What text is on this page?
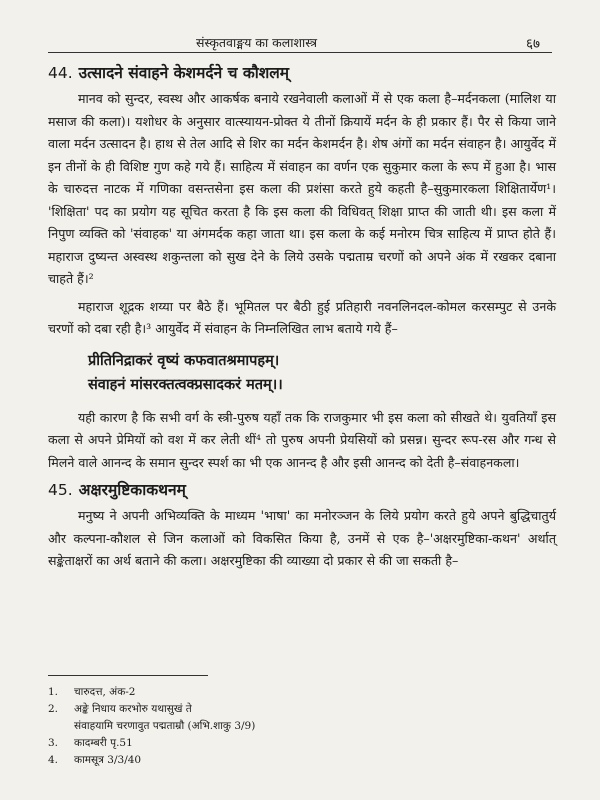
संस्कृतवाङ्मय का कलाशास्त्र	६७
44. उत्सादने संवाहने केशमर्दने च कौशलम्

मानव को सुन्दर, स्वस्थ और आकर्षक बनाये रखनेवाली कलाओं में से एक कला है–मर्दनकला (मालिश या मसाज की कला)। यशोधर के अनुसार वात्स्यायन-प्रोक्त ये तीनों क्रियायें मर्दन के ही प्रकार हैं। पैर से किया जाने वाला मर्दन उत्सादन है। हाथ से तेल आदि से शिर का मर्दन केशमर्दन है। शेष अंगों का मर्दन संवाहन है। आयुर्वेद में इन तीनों के ही विशिष्ट गुण कहे गये हैं। साहित्य में संवाहन का वर्णन एक सुकुमार कला के रूप में हुआ है। भास के चारुदत्त नाटक में गणिका वसन्तसेना इस कला की प्रशंसा करते हुये कहती है–सुकुमारकला शिक्षितार्येण¹। 'शिक्षिता' पद का प्रयोग यह सूचित करता है कि इस कला की विधिवत् शिक्षा प्राप्त की जाती थी। इस कला में निपुण व्यक्ति को 'संवाहक' या अंगमर्दक कहा जाता था। इस कला के कई मनोरम चित्र साहित्य में प्राप्त होते हैं। महाराज दुष्यन्त अस्वस्थ शकुन्तला को सुख देने के लिये उसके पद्मताम्र चरणों को अपने अंक में रखकर दबाना चाहते हैं।²

महाराज शूद्रक शय्या पर बैठे हैं। भूमितल पर बैठी हुई प्रतिहारी नवनलिनदल-कोमल करसम्पुट से उनके चरणों को दबा रही है।³ आयुर्वेद में संवाहन के निम्नलिखित लाभ बताये गये हैं–

प्रीतिनिद्राकरं वृष्यं कफवातश्रमापहम्।
संवाहनं मांसरक्तत्वक्प्रसादकरं मतम्।।

यही कारण है कि सभी वर्ग के स्त्री-पुरुष यहाँ तक कि राजकुमार भी इस कला को सीखते थे। युवतियाँ इस कला से अपने प्रेमियों को वश में कर लेती थीं⁴ तो पुरुष अपनी प्रेयसियों को प्रसन्न। सुन्दर रूप-रस और गन्ध से मिलने वाले आनन्द के समान सुन्दर स्पर्श का भी एक आनन्द है और इसी आनन्द को देती है–संवाहनकला।

45. अक्षरमुष्टिकाकथनम्

मनुष्य ने अपनी अभिव्यक्ति के माध्यम 'भाषा' का मनोरञ्जन के लिये प्रयोग करते हुये अपने बुद्धिचातुर्य और कल्पना-कौशल से जिन कलाओं को विकसित किया है, उनमें से एक है–'अक्षरमुष्टिका-कथन' अर्थात् सङ्केताक्षरों का अर्थ बताने की कला। अक्षरमुष्टिका की व्याख्या दो प्रकार से की जा सकती है–

1.	चारुदत्त, अंक-2
2.	अङ्के निधाय करभोरु यथासुखं ते
संवाहयामि चरणावुत पद्मताम्रौ (अभि.शाकु 3/9)
3.	कादम्बरी पृ.51
4.	कामसूत्र 3/3/40
